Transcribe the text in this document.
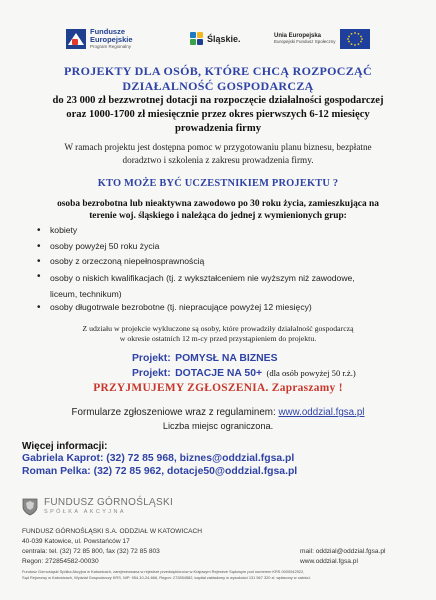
Fundusze
Europejskie
Program Regionalny
Śląskie.	Unia Europejska
Europejski Fundusz Społeczny
PROJEKTY DLA OSÓB, KTÓRE CHCĄ ROZPOCZĄĆ
DZIAŁALNOŚĆ GOSPODARCZĄ
do 23 000 zł bezzwrotnej dotacji na rozpoczęcie działalności gospodarczej
oraz 1000-1700 zł miesięcznie przez okres pierwszych 6-12 miesięcy
prowadzenia firmy
W ramach projektu jest dostępna pomoc w przygotowaniu planu biznesu, bezpłatne
doradztwo i szkolenia z zakresu prowadzenia firmy.
KTO MOŻE BYĆ UCZESTNIKIEM PROJEKTU ?
osoba bezrobotna lub nieaktywna zawodowo po 30 roku życia, zamieszkująca na
terenie woj. śląskiego i należąca do jednej z wymienionych grup:
• kobiety
• osoby powyżej 50 roku życia
• osoby z orzeczoną niepełnosprawnością
• osoby o niskich kwalifikacjach (tj. z wykształceniem nie wyższym niż zawodowe,
liceum, technikum)
• osoby długotrwale bezrobotne (tj. niepracujące powyżej 12 miesięcy)
Z udziału w projekcie wykluczone są osoby, które prowadziły działalność gospodarczą
w okresie ostatnich 12 m-cy przed przystąpieniem do projektu.
Projekt: POMYSŁ NA BIZNES
Projekt: DOTACJE NA 50+ (dla osób powyżej 50 r.ż.)
PRZYJMUJEMY ZGŁOSZENIA. Zapraszamy !
Formularze zgłoszeniowe wraz z regulaminem: www.oddzial.fgsa.pl
Liczba miejsc ograniczona.
Więcej informacji:
Gabriela Kaprot: (32) 72 85 968, biznes@oddzial.fgsa.pl
Roman Pelka: (32) 72 85 962, dotacje50@oddzial.fgsa.pl
FUNDUSZ GÓRNOŚLĄSKI
SPÓŁKA AKCYJNA
FUNDUSZ GÓRNOŚLĄSKI S.A. ODDZIAŁ W KATOWICACH
40-039 Katowice, ul. Powstańców 17
centrala: tel. (32) 72 85 800, fax (32) 72 85 803
Regon: 272854582-00030
mail: oddzial@oddzial.fgsa.pl
www.oddzial.fgsa.pl
Fundusz Górnośląski Spółka Akcyjna w Katowicach, zarejestrowana w rejestrze przedsiębiorców w Krajowym Rejestrze Sądowym pod numerem KRS 0000042922,
Sąd Rejonowy w Katowicach, Wydział Gospodarczy KRS, NIP: 954-10-24-666, Regon: 272854582, kapitał zakładowy w wysokości 131 567 320 zł. wpłacony w całości.
